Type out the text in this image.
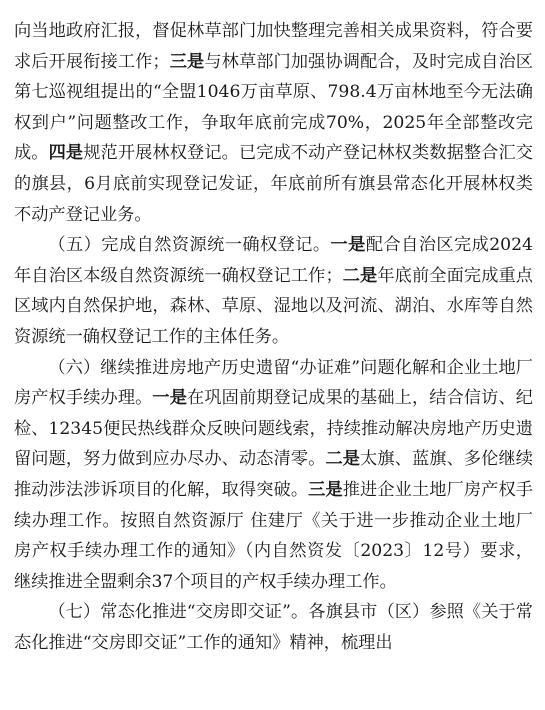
向当地政府汇报，督促林草部门加快整理完善相关成果资料，符合要求后开展衔接工作；三是与林草部门加强协调配合，及时完成自治区第七巡视组提出的“全盟1046万亩草原、798.4万亩林地至今无法确权到户”问题整改工作，争取年底前完成70%，2025年全部整改完成。四是规范开展林权登记。已完成不动产登记林权类数据整合汇交的旗县，6月底前实现登记发证，年底前所有旗县常态化开展林权类不动产登记业务。

（五）完成自然资源统一确权登记。一是配合自治区完成2024年自治区本级自然资源统一确权登记工作；二是年底前全面完成重点区域内自然保护地，森林、草原、湿地以及河流、湖泊、水库等自然资源统一确权登记工作的主体任务。

（六）继续推进房地产历史遗留“办证难”问题化解和企业土地厂房产权手续办理。一是在巩固前期登记成果的基础上，结合信访、纪检、12345便民热线群众反映问题线索，持续推动解决房地产历史遗留问题，努力做到应办尽办、动态清零。二是太旗、蓝旗、多伦继续推动涉法涉诉项目的化解，取得突破。三是推进企业土地厂房产权手续办理工作。按照自然资源厅 住建厅《关于进一步推动企业土地厂房产权手续办理工作的通知》（内自然资发〔2023〕12号）要求，继续推进全盟剩余37个项目的产权手续办理工作。

（七）常态化推进“交房即交证”。各旗县市（区）参照《关于常态化推进“交房即交证”工作的通知》精神，梳理出
